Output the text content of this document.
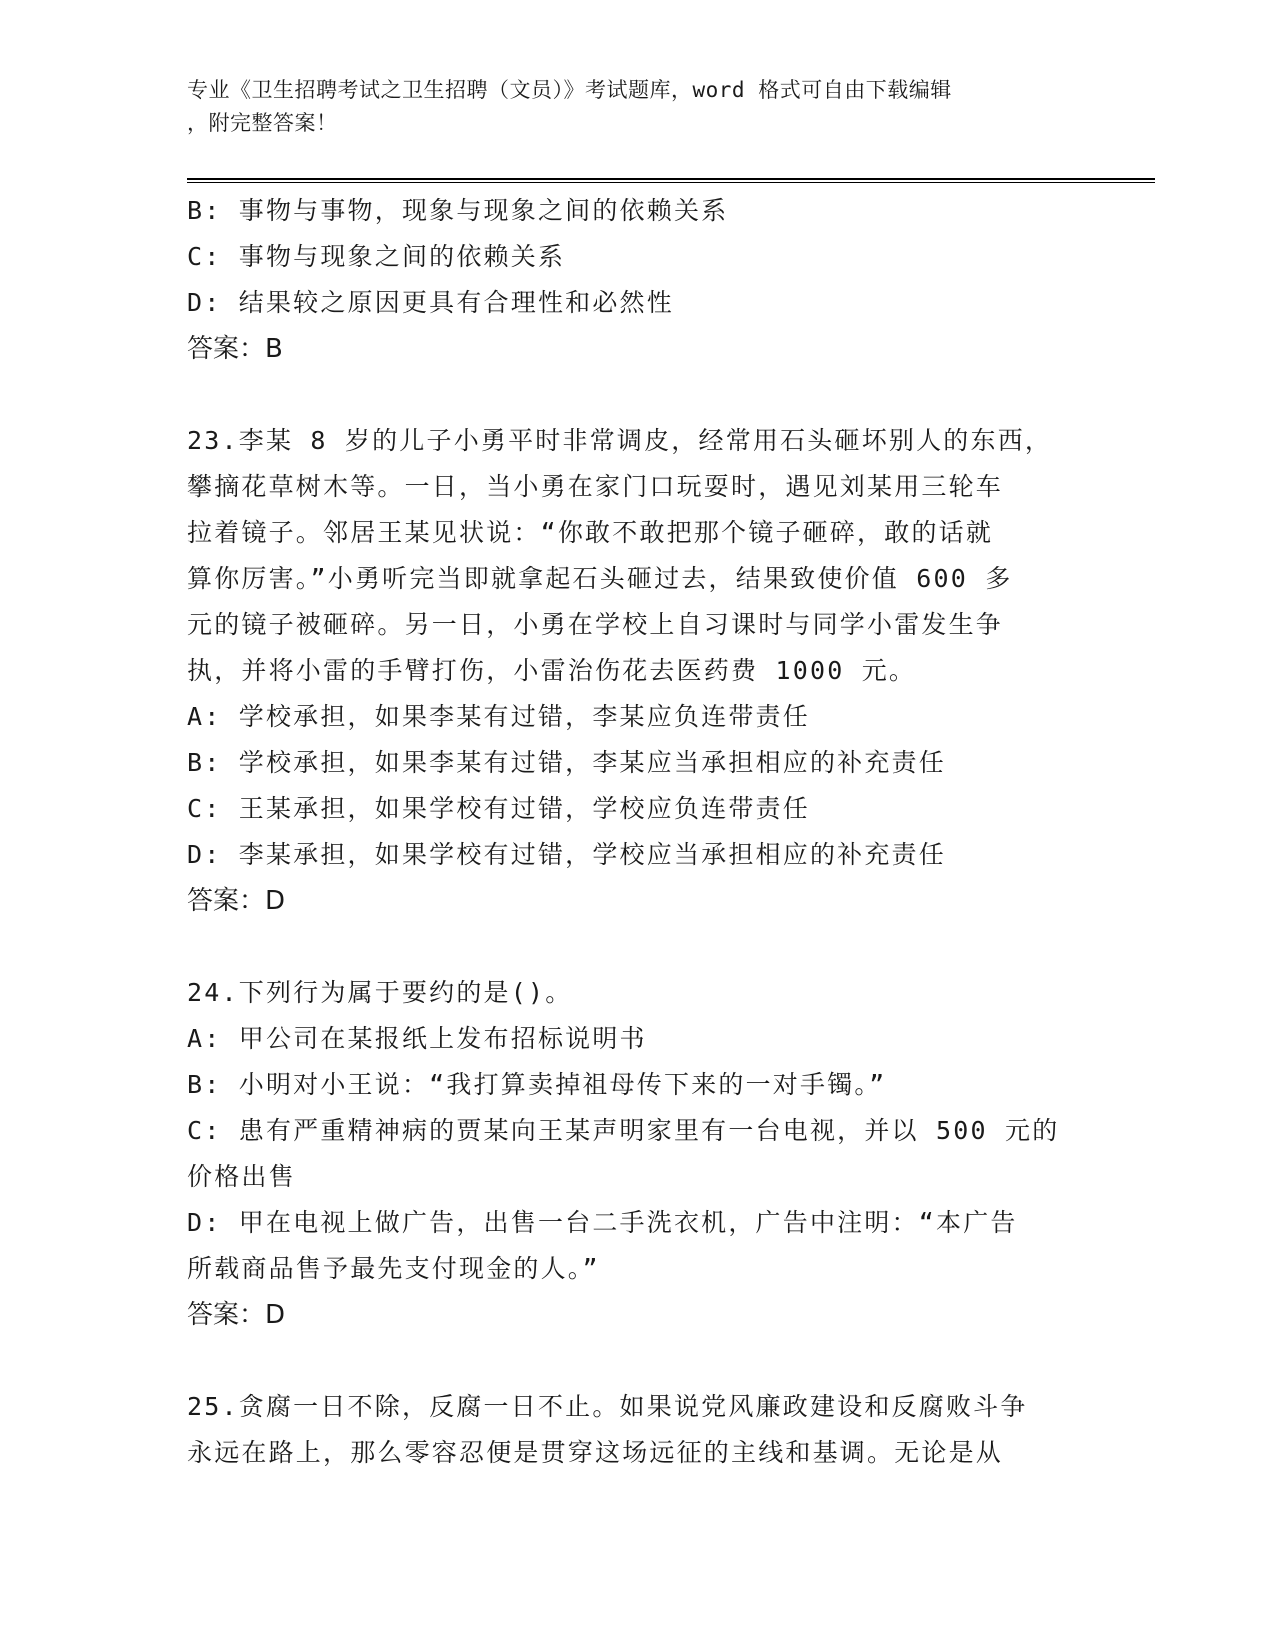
专业《卫生招聘考试之卫生招聘（文员）》考试题库，word 格式可自由下载编辑
，附完整答案！
B: 事物与事物，现象与现象之间的依赖关系
C: 事物与现象之间的依赖关系
D: 结果较之原因更具有合理性和必然性
答案：B
23.李某 8 岁的儿子小勇平时非常调皮，经常用石头砸坏别人的东西，
攀摘花草树木等。一日，当小勇在家门口玩耍时，遇见刘某用三轮车
拉着镜子。邻居王某见状说：“你敢不敢把那个镜子砸碎，敢的话就
算你厉害。”小勇听完当即就拿起石头砸过去，结果致使价值 600 多
元的镜子被砸碎。另一日，小勇在学校上自习课时与同学小雷发生争
执，并将小雷的手臂打伤，小雷治伤花去医药费 1000 元。
A: 学校承担，如果李某有过错，李某应负连带责任
B: 学校承担，如果李某有过错，李某应当承担相应的补充责任
C: 王某承担，如果学校有过错，学校应负连带责任
D: 李某承担，如果学校有过错，学校应当承担相应的补充责任
答案：D
24.下列行为属于要约的是()。
A: 甲公司在某报纸上发布招标说明书
B: 小明对小王说：“我打算卖掉祖母传下来的一对手镯。”
C: 患有严重精神病的贾某向王某声明家里有一台电视，并以 500 元的
价格出售
D: 甲在电视上做广告，出售一台二手洗衣机，广告中注明：“本广告
所载商品售予最先支付现金的人。”
答案：D
25.贪腐一日不除，反腐一日不止。如果说党风廉政建设和反腐败斗争
永远在路上，那么零容忍便是贯穿这场远征的主线和基调。无论是从
